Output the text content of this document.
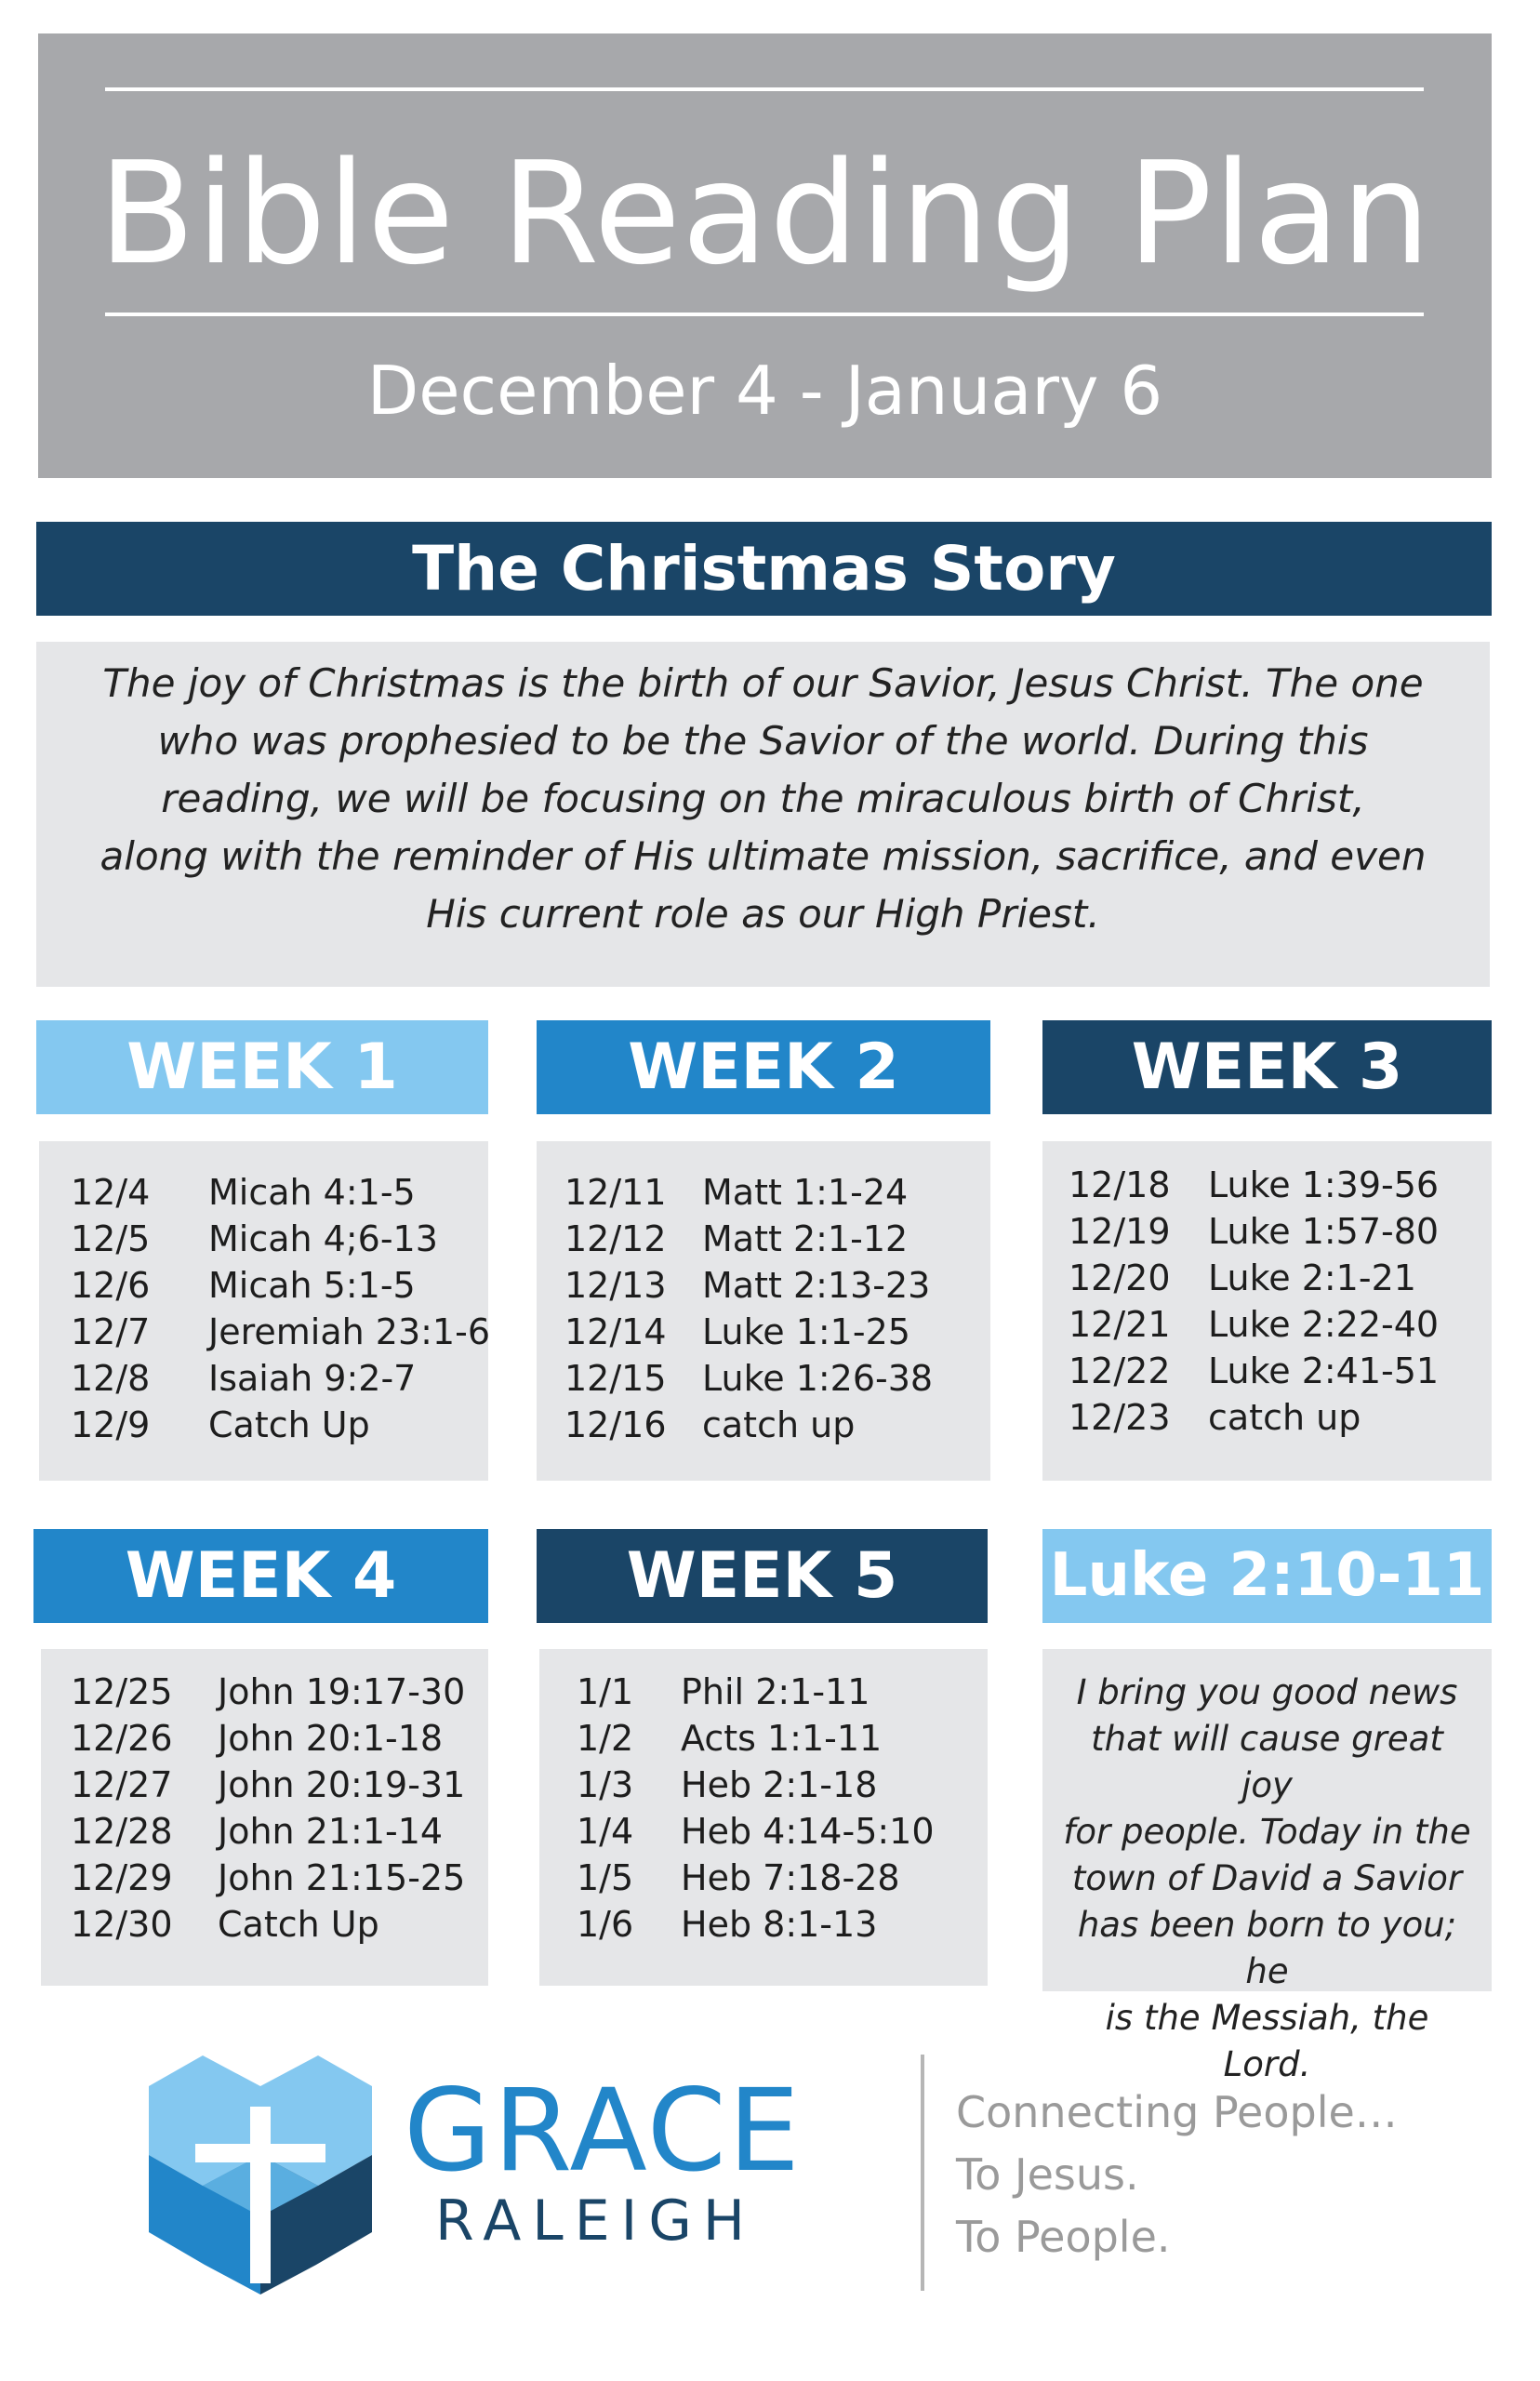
Bible Reading Plan
December 4 - January 6
The Christmas Story
The joy of Christmas is the birth of our Savior, Jesus Christ. The one
who was prophesied to be the Savior of the world. During this
reading, we will be focusing on the miraculous birth of Christ,
along with the reminder of His ultimate mission, sacrifice, and even
His current role as our High Priest.
WEEK 1
12/4 Micah 4:1-5
12/5 Micah 4;6-13
12/6 Micah 5:1-5
12/7 Jeremiah 23:1-6
12/8 Isaiah 9:2-7
12/9 Catch Up
WEEK 2
12/11 Matt 1:1-24
12/12 Matt 2:1-12
12/13 Matt 2:13-23
12/14 Luke 1:1-25
12/15 Luke 1:26-38
12/16 catch up
WEEK 3
12/18 Luke 1:39-56
12/19 Luke 1:57-80
12/20 Luke 2:1-21
12/21 Luke 2:22-40
12/22 Luke 2:41-51
12/23 catch up
WEEK 4
12/25 John 19:17-30
12/26 John 20:1-18
12/27 John 20:19-31
12/28 John 21:1-14
12/29 John 21:15-25
12/30 Catch Up
WEEK 5
1/1 Phil 2:1-11
1/2 Acts 1:1-11
1/3 Heb 2:1-18
1/4 Heb 4:14-5:10
1/5 Heb 7:18-28
1/6 Heb 8:1-13
Luke 2:10-11
I bring you good news
that will cause great joy
for people. Today in the
town of David a Savior
has been born to you; he
is the Messiah, the Lord.
GRACE
RALEIGH
Connecting People…
To Jesus.
To People.
